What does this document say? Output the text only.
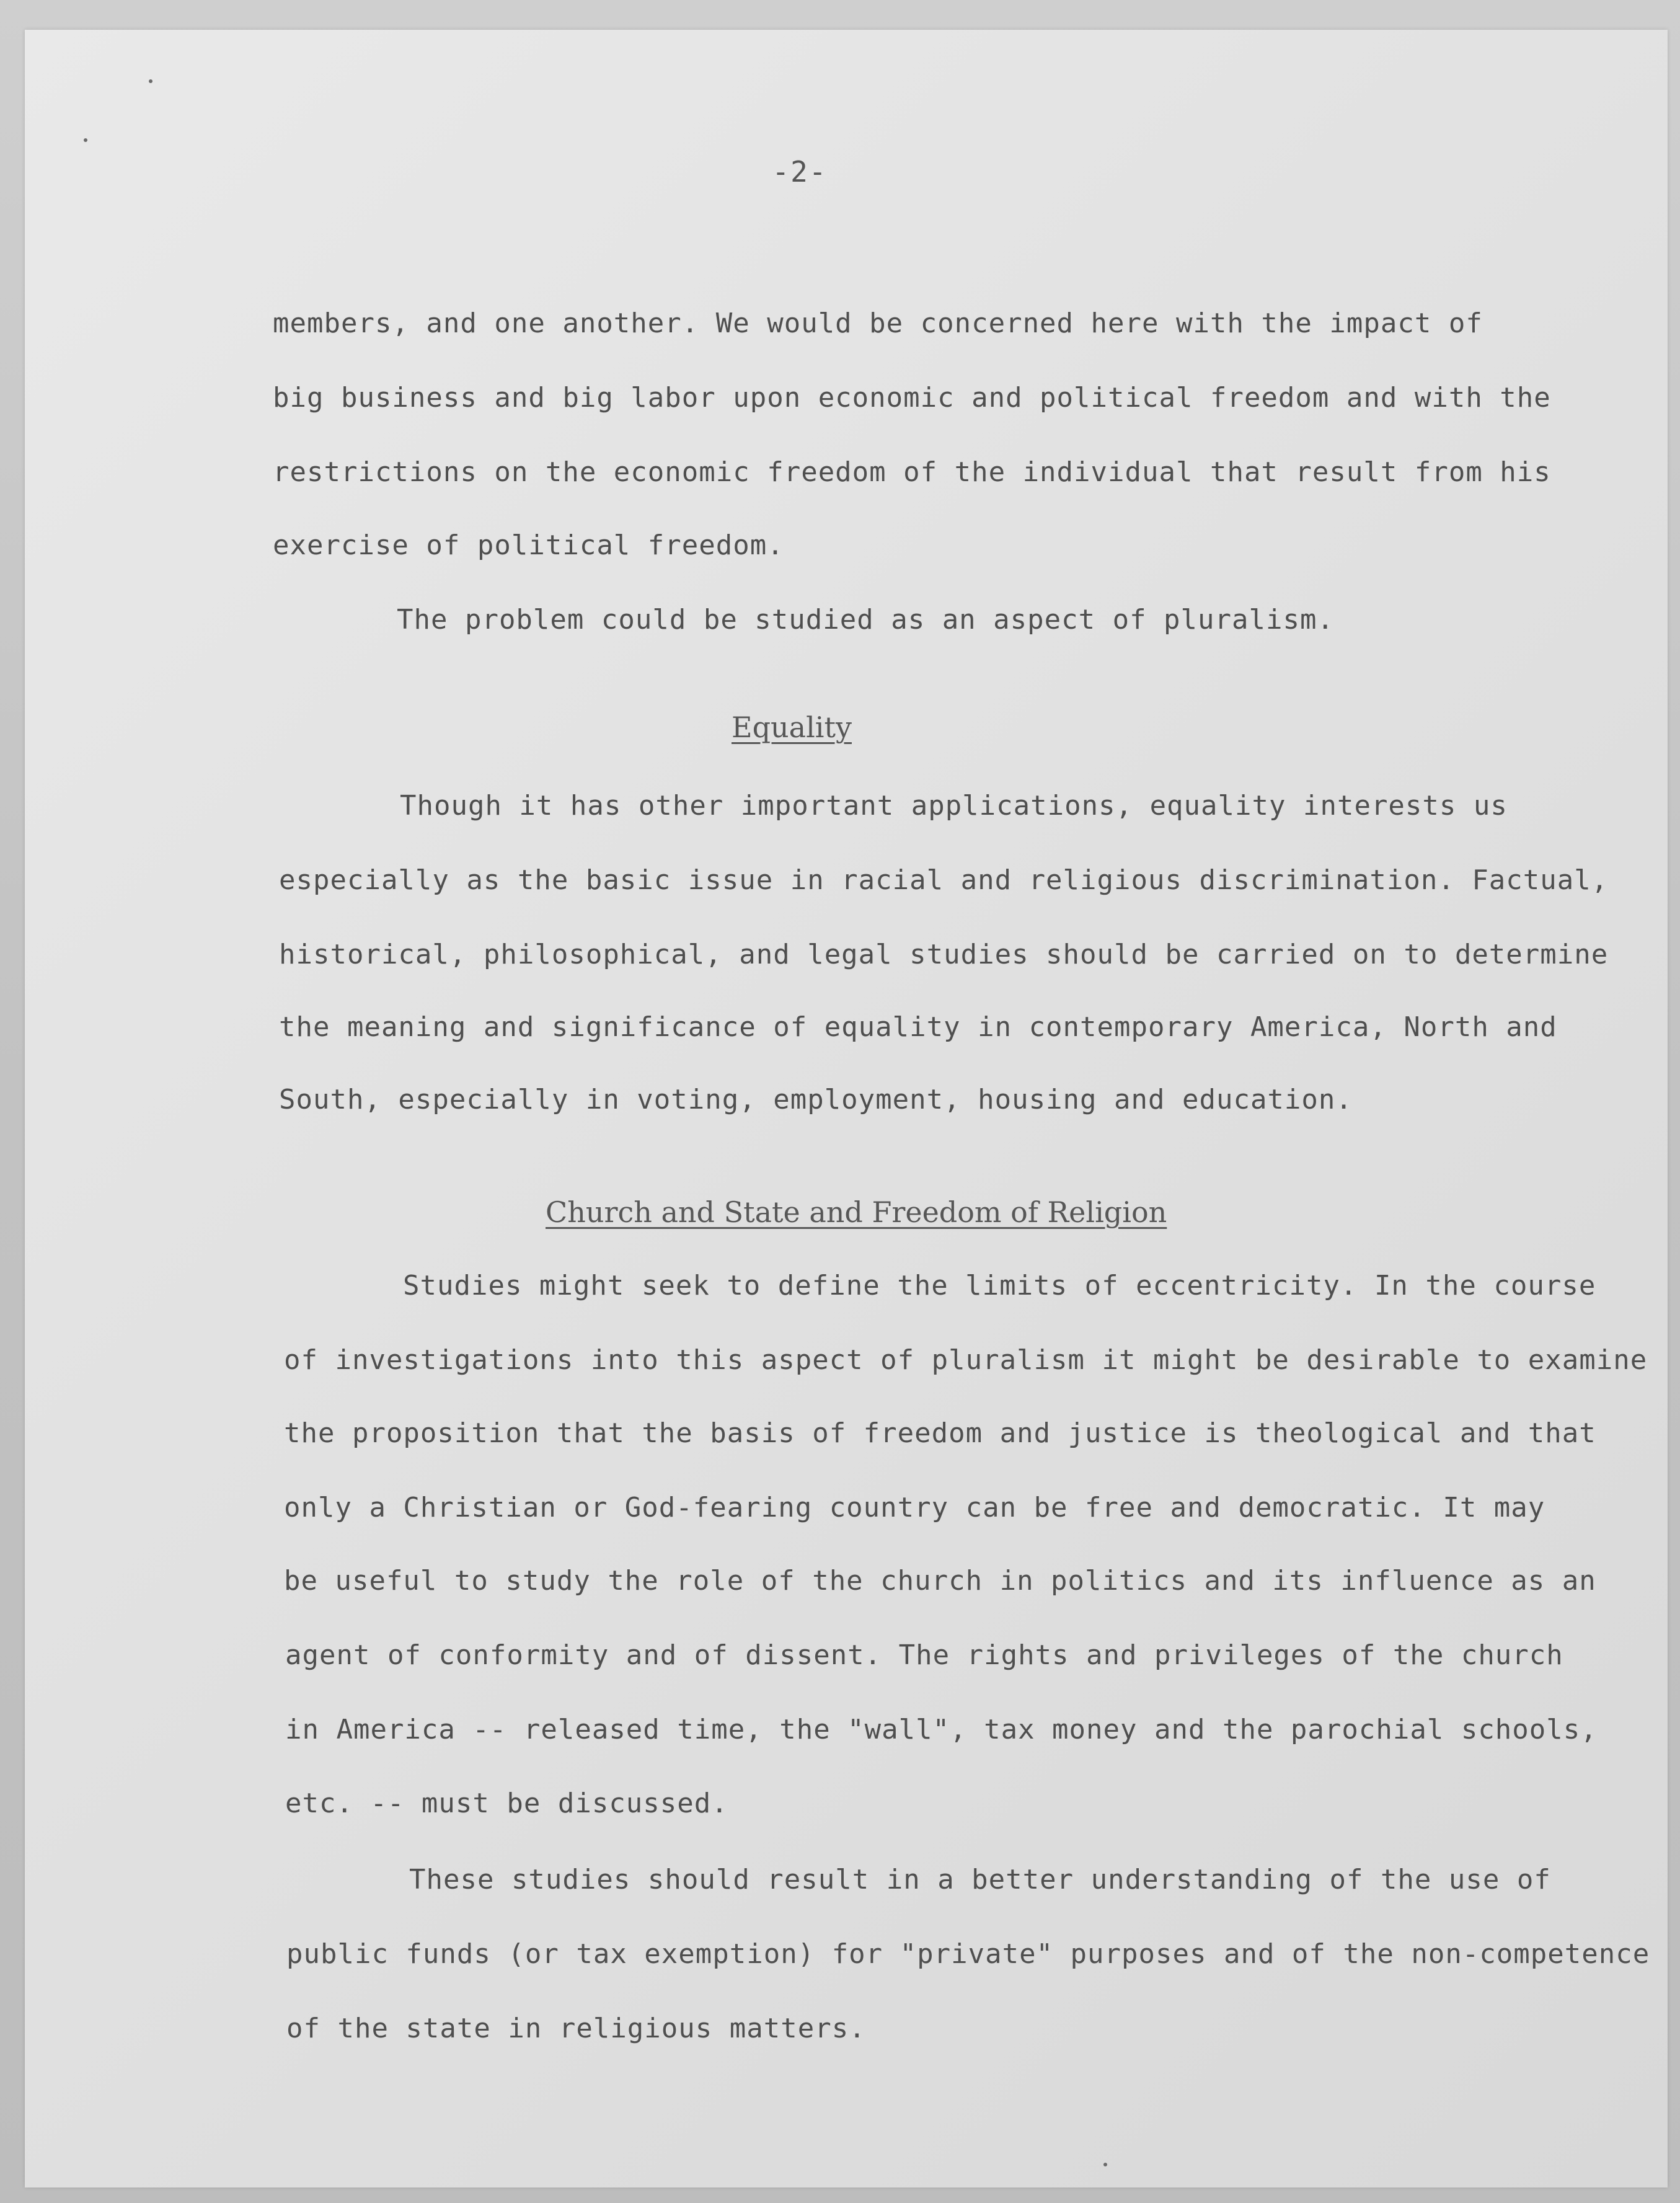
-2-
members, and one another. We would be concerned here with the impact of
big business and big labor upon economic and political freedom and with the
restrictions on the economic freedom of the individual that result from his
exercise of political freedom.
The problem could be studied as an aspect of pluralism.
Equality
Though it has other important applications, equality interests us
especially as the basic issue in racial and religious discrimination. Factual,
historical, philosophical, and legal studies should be carried on to determine
the meaning and significance of equality in contemporary America, North and
South, especially in voting, employment, housing and education.
Church and State and Freedom of Religion
Studies might seek to define the limits of eccentricity. In the course
of investigations into this aspect of pluralism it might be desirable to examine
the proposition that the basis of freedom and justice is theological and that
only a Christian or God-fearing country can be free and democratic. It may
be useful to study the role of the church in politics and its influence as an
agent of conformity and of dissent. The rights and privileges of the church
in America -- released time, the "wall", tax money and the parochial schools,
etc. -- must be discussed.
These studies should result in a better understanding of the use of
public funds (or tax exemption) for "private" purposes and of the non-competence
of the state in religious matters.
